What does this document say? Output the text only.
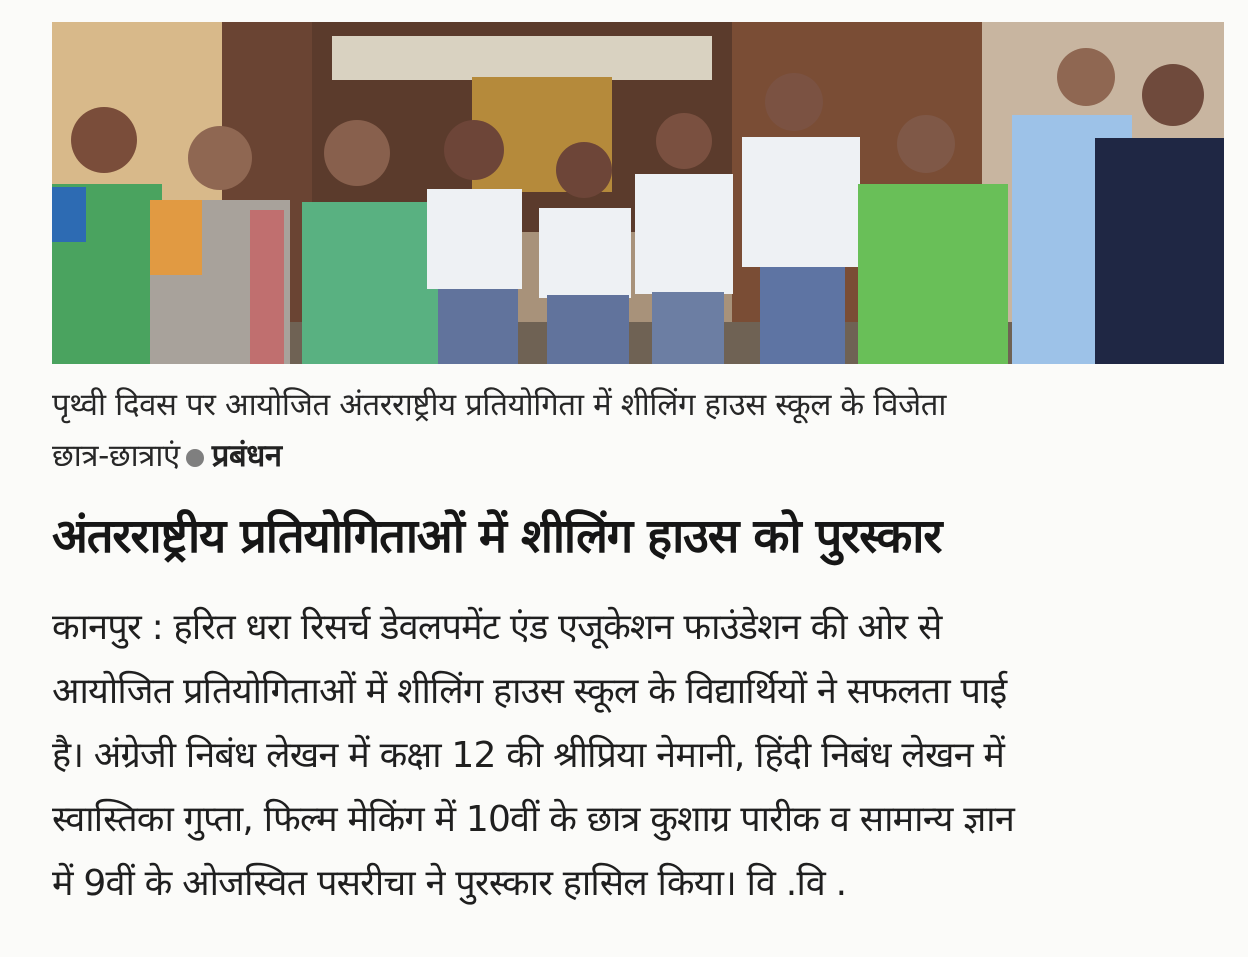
पृथ्वी दिवस पर आयोजित अंतरराष्ट्रीय प्रतियोगिता में शीलिंग हाउस स्कूल के विजेता
छात्र-छात्राएं प्रबंधन
अंतरराष्ट्रीय प्रतियोगिताओं में शीलिंग हाउस को पुरस्कार
कानपुर : हरित धरा रिसर्च डेवलपमेंट एंड एजूकेशन फाउंडेशन की ओर से
आयोजित प्रतियोगिताओं में शीलिंग हाउस स्कूल के विद्यार्थियों ने सफलता पाई
है। अंग्रेजी निबंध लेखन में कक्षा 12 की श्रीप्रिया नेमानी, हिंदी निबंध लेखन में
स्वास्तिका गुप्ता, फिल्म मेकिंग में 10वीं के छात्र कुशाग्र पारीक व सामान्य ज्ञान
में 9वीं के ओजस्वित पसरीचा ने पुरस्कार हासिल किया। वि .वि .
